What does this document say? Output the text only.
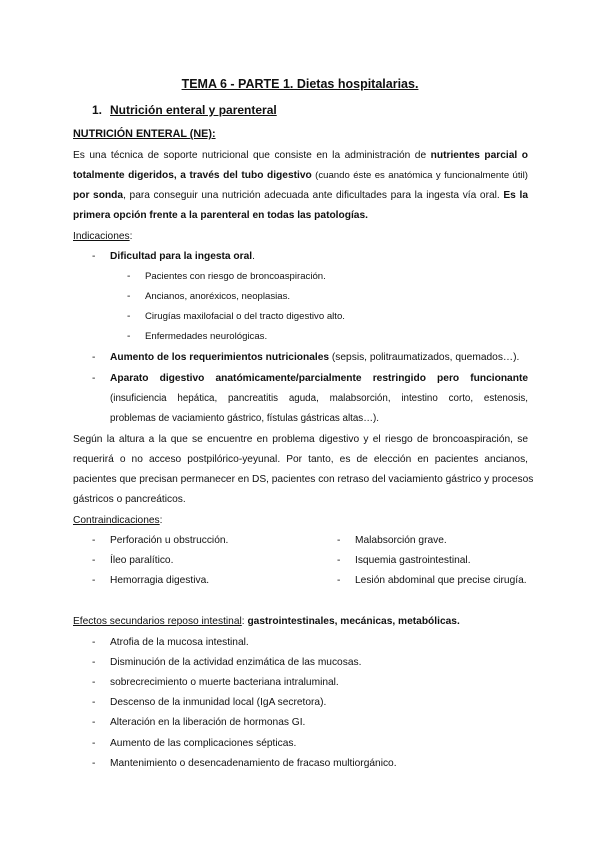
TEMA 6 - PARTE 1. Dietas hospitalarias.
1. Nutrición enteral y parenteral
NUTRICIÓN ENTERAL (NE):
Es una técnica de soporte nutricional que consiste en la administración de nutrientes parcial o
totalmente digeridos, a través del tubo digestivo (cuando éste es anatómica y funcionalmente útil)
por sonda, para conseguir una nutrición adecuada ante dificultades para la ingesta vía oral. Es la
primera opción frente a la parenteral en todas las patologías.
Indicaciones:
- Dificultad para la ingesta oral.
- Pacientes con riesgo de broncoaspiración.
- Ancianos, anoréxicos, neoplasias.
- Cirugías maxilofacial o del tracto digestivo alto.
- Enfermedades neurológicas.
- Aumento de los requerimientos nutricionales (sepsis, politraumatizados, quemados…).
- Aparato digestivo anatómicamente/parcialmente restringido pero funcionante
(insuficiencia hepática, pancreatitis aguda, malabsorción, intestino corto, estenosis,
problemas de vaciamiento gástrico, fístulas gástricas altas…).
Según la altura a la que se encuentre en problema digestivo y el riesgo de broncoaspiración, se
requerirá o no acceso postpilórico-yeyunal. Por tanto, es de elección en pacientes ancianos,
pacientes que precisan permanecer en DS, pacientes con retraso del vaciamiento gástrico y procesos
gástricos o pancreáticos.
Contraindicaciones:
- Perforación u obstrucción.
- Íleo paralítico.
- Hemorragia digestiva.
- Malabsorción grave.
- Isquemia gastrointestinal.
- Lesión abdominal que precise cirugía.
Efectos secundarios reposo intestinal: gastrointestinales, mecánicas, metabólicas.
- Atrofia de la mucosa intestinal.
- Disminución de la actividad enzimática de las mucosas.
- sobrecrecimiento o muerte bacteriana intraluminal.
- Descenso de la inmunidad local (IgA secretora).
- Alteración en la liberación de hormonas GI.
- Aumento de las complicaciones sépticas.
- Mantenimiento o desencadenamiento de fracaso multiorgánico.
